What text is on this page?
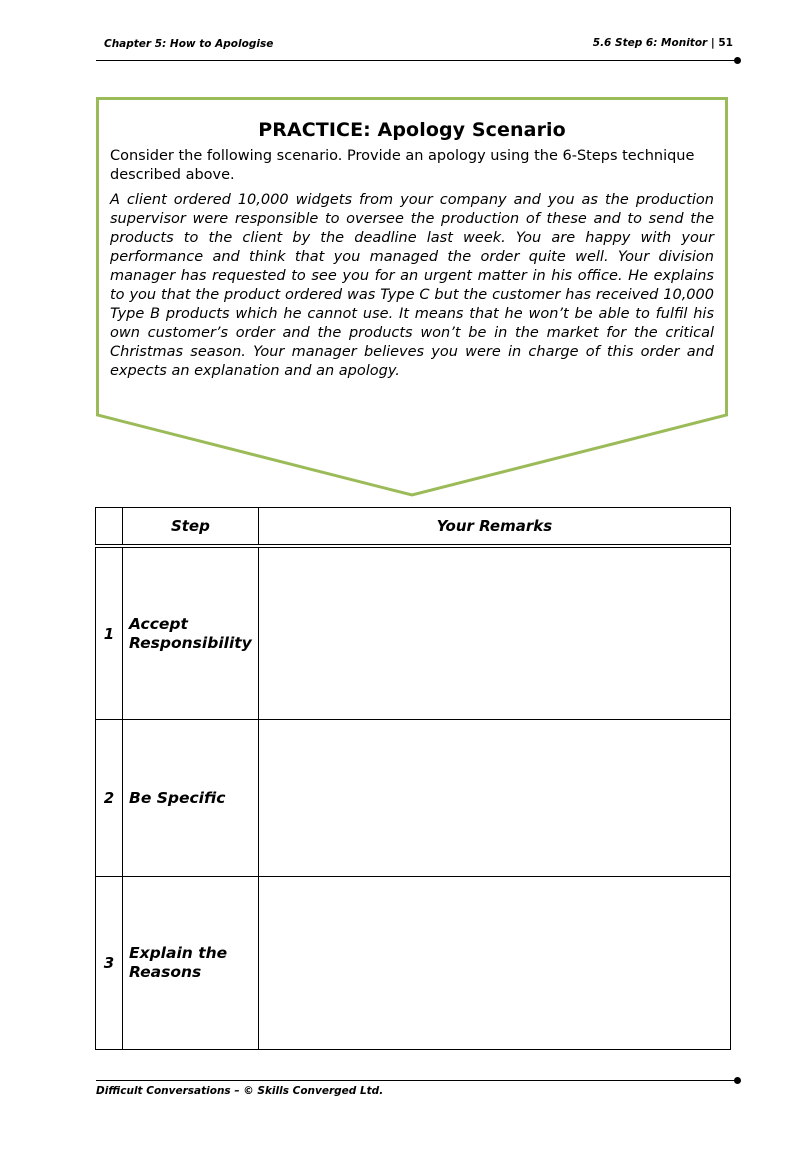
Chapter 5: How to Apologise	5.6 Step 6: Monitor | 51
PRACTICE: Apology Scenario

Consider the following scenario. Provide an apology using the 6-Steps technique described above.

A client ordered 10,000 widgets from your company and you as the production supervisor were responsible to oversee the production of these and to send the products to the client by the deadline last week. You are happy with your performance and think that you managed the order quite well. Your division manager has requested to see you for an urgent matter in his office. He explains to you that the product ordered was Type C but the customer has received 10,000 Type B products which he cannot use. It means that he won’t be able to fulfil his own customer’s order and the products won’t be in the market for the critical Christmas season. Your manager believes you were in charge of this order and expects an explanation and an apology.

	Step	Your Remarks
1	Accept Responsibility	
2	Be Specific	
3	Explain the Reasons	
Difficult Conversations – © Skills Converged Ltd.
